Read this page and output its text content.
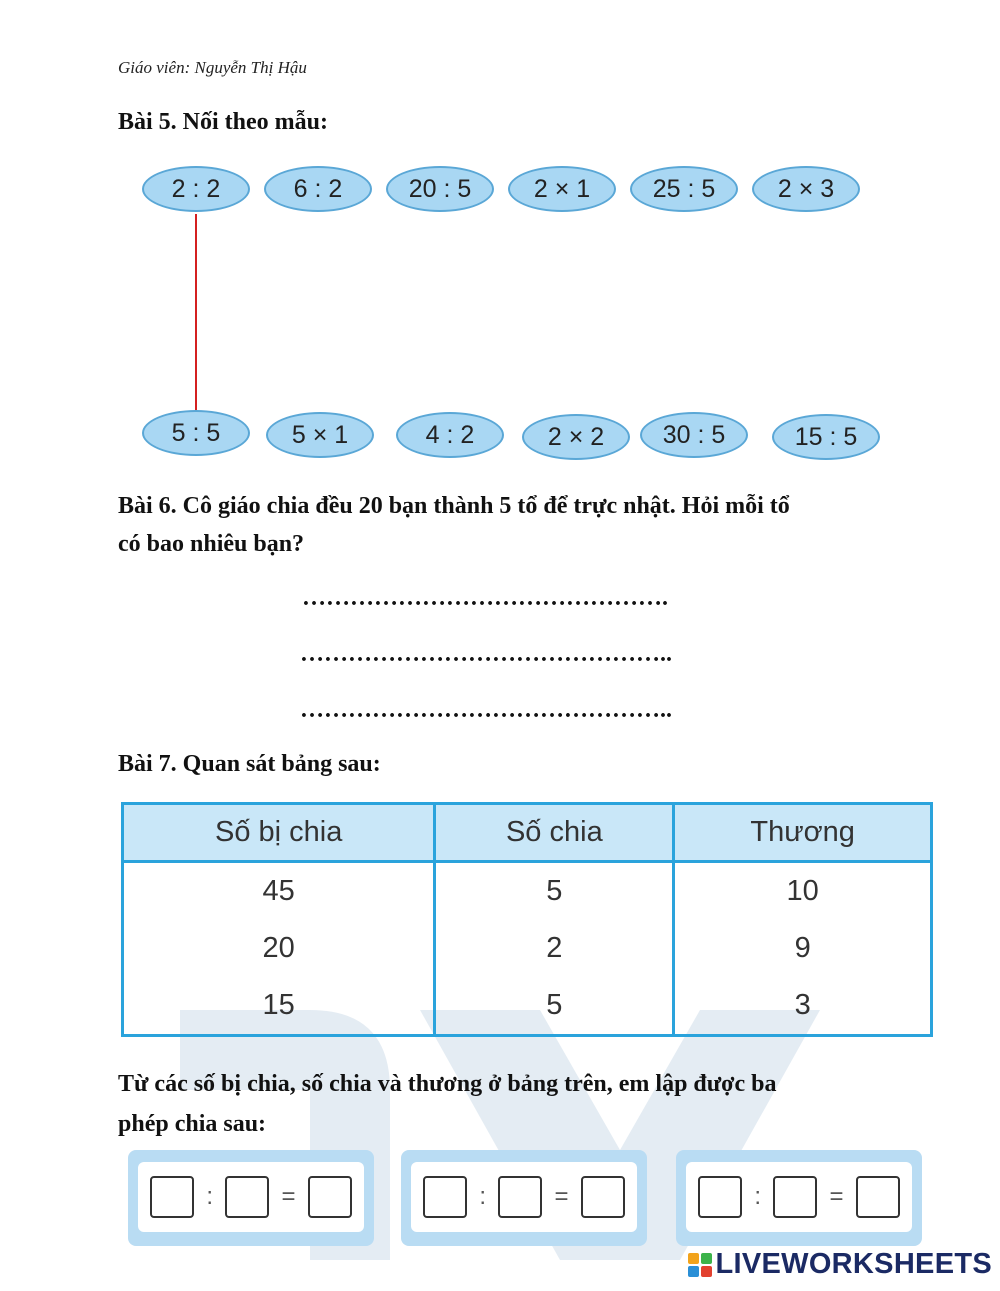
Giáo viên: Nguyễn Thị Hậu
Bài 5. Nối theo mẫu:
2 : 2	6 : 2	20 : 5	2 × 1	25 : 5	2 × 3
5 : 5	5 × 1	4 : 2	2 × 2	30 : 5	15 : 5
Bài 6. Cô giáo chia đều 20 bạn thành 5 tổ để trực nhật. Hỏi mỗi tổ
có bao nhiêu bạn?
……………………………………….
………………………………………..
………………………………………..
Bài 7. Quan sát bảng sau:
Số bị chia	Số chia	Thương
45	5	10
20	2	9
15	5	3
Từ các số bị chia, số chia và thương ở bảng trên, em lập được ba
phép chia sau:
:	=	:	=	:	=
LIVEWORKSHEETS
